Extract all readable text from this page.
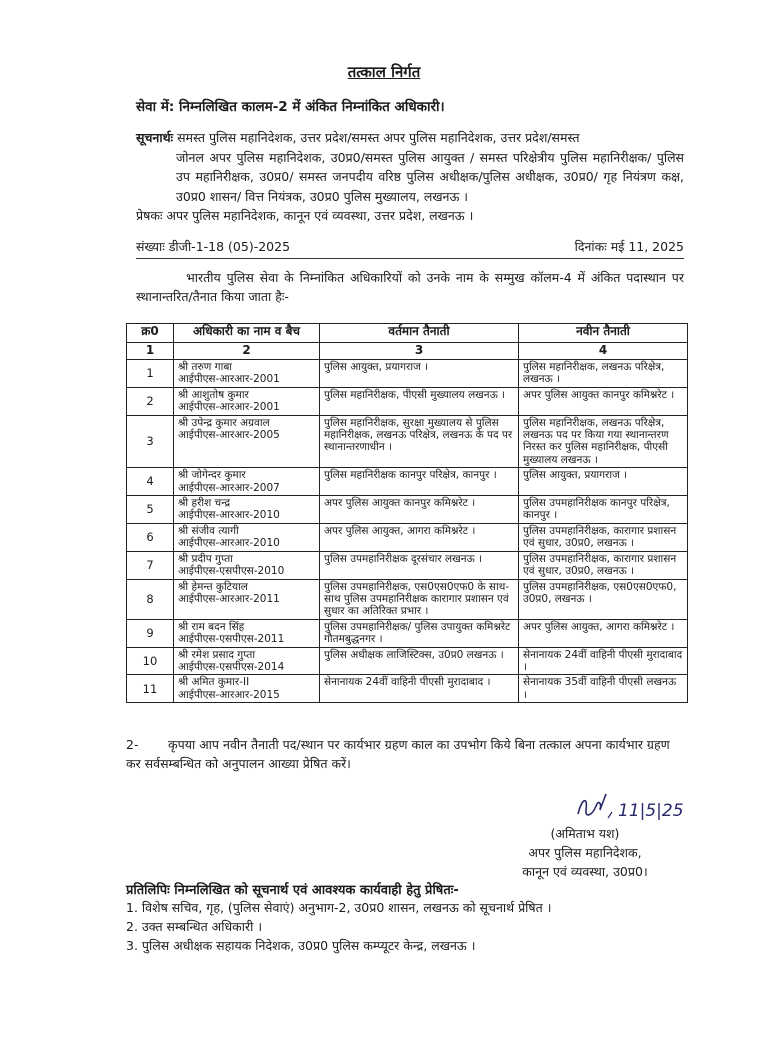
तत्काल निर्गत
सेवा में: निम्नलिखित कालम-2 में अंकित निम्नांकित अधिकारी।
सूचनार्थः समस्त पुलिस महानिदेशक, उत्तर प्रदेश/समस्त अपर पुलिस महानिदेशक, उत्तर प्रदेश/समस्त
जोनल अपर पुलिस महानिदेशक, उ0प्र0/समस्त पुलिस आयुक्त / समस्त परिक्षेत्रीय पुलिस महानिरीक्षक/ पुलिस उप महानिरीक्षक, उ0प्र0/ समस्त जनपदीय वरिष्ठ पुलिस अधीक्षक/पुलिस अधीक्षक, उ0प्र0/ गृह नियंत्रण कक्ष, उ0प्र0 शासन/ वित्त नियंत्रक, उ0प्र0 पुलिस मुख्यालय, लखनऊ ।
प्रेषकः अपर पुलिस महानिदेशक, कानून एवं व्यवस्था, उत्तर प्रदेश, लखनऊ ।
संख्याः डीजी-1-18 (05)-2025	दिनांकः मई 11, 2025
भारतीय पुलिस सेवा के निम्नांकित अधिकारियों को उनके नाम के सम्मुख कॉलम-4 में अंकित पदास्थान पर स्थानान्तरित/तैनात किया जाता हैः-
क्र0	अधिकारी का नाम व बैच	वर्तमान तैनाती	नवीन तैनाती
1	2	3	4
1	श्री तरुण गाबा
आईपीएस-आरआर-2001	पुलिस आयुक्त, प्रयागराज ।	पुलिस महानिरीक्षक, लखनऊ परिक्षेत्र, लखनऊ ।
2	श्री आशुतोष कुमार
आईपीएस-आरआर-2001	पुलिस महानिरीक्षक, पीएसी मुख्यालय लखनऊ ।	अपर पुलिस आयुक्त कानपुर कमिश्नरेट ।
3	श्री उपेन्द्र कुमार अग्रवाल
आईपीएस-आरआर-2005	पुलिस महानिरीक्षक, सुरक्षा मुख्यालय से पुलिस महानिरीक्षक, लखनऊ परिक्षेत्र, लखनऊ के पद पर स्थानान्तरणाधीन ।	पुलिस महानिरीक्षक, लखनऊ परिक्षेत्र, लखनऊ पद पर किया गया स्थानान्तरण निरस्त कर पुलिस महानिरीक्षक, पीएसी मुख्यालय लखनऊ ।
4	श्री जोगेन्दर कुमार
आईपीएस-आरआर-2007	पुलिस महानिरीक्षक कानपुर परिक्षेत्र, कानपुर ।	पुलिस आयुक्त, प्रयागराज ।
5	श्री हरीश चन्द्र
आईपीएस-आरआर-2010	अपर पुलिस आयुक्त कानपुर कमिश्नरेट ।	पुलिस उपमहानिरीक्षक कानपुर परिक्षेत्र, कानपुर ।
6	श्री संजीव त्यागी
आईपीएस-आरआर-2010	अपर पुलिस आयुक्त, आगरा कमिश्नरेट ।	पुलिस उपमहानिरीक्षक, कारागार प्रशासन एवं सुधार, उ0प्र0, लखनऊ ।
7	श्री प्रदीप गुप्ता
आईपीएस-एसपीएस-2010	पुलिस उपमहानिरीक्षक दूरसंचार लखनऊ ।	पुलिस उपमहानिरीक्षक, कारागार प्रशासन एवं सुधार, उ0प्र0, लखनऊ ।
8	श्री हेमन्त कुटियाल
आईपीएस-आरआर-2011	पुलिस उपमहानिरीक्षक, एस0एस0एफ0 के साथ-साथ पुलिस उपमहानिरीक्षक कारागार प्रशासन एवं सुधार का अतिरिक्त प्रभार ।	पुलिस उपमहानिरीक्षक, एस0एस0एफ0, उ0प्र0, लखनऊ ।
9	श्री राम बदन सिंह
आईपीएस-एसपीएस-2011	पुलिस उपमहानिरीक्षक/ पुलिस उपायुक्त कमिश्नरेट गौतमबुद्धनगर ।	अपर पुलिस आयुक्त, आगरा कमिश्नरेट ।
10	श्री रमेश प्रसाद गुप्ता
आईपीएस-एसपीएस-2014	पुलिस अधीक्षक लाजिस्टिक्स, उ0प्र0 लखनऊ ।	सेनानायक 24वीं वाहिनी पीएसी मुरादाबाद ।
11	श्री अमित कुमार-II
आईपीएस-आरआर-2015	सेनानायक 24वीं वाहिनी पीएसी मुरादाबाद ।	सेनानायक 35वीं वाहिनी पीएसी लखनऊ ।
2- कृपया आप नवीन तैनाती पद/स्थान पर कार्यभार ग्रहण काल का उपभोग किये बिना तत्काल अपना कार्यभार ग्रहण कर सर्वसम्बन्धित को अनुपालन आख्या प्रेषित करें।
11|5|25
(अमिताभ यश)
अपर पुलिस महानिदेशक,
कानून एवं व्यवस्था, उ0प्र0।
प्रतिलिपिः निम्नलिखित को सूचनार्थ एवं आवश्यक कार्यवाही हेतु प्रेषितः-
1. विशेष सचिव, गृह, (पुलिस सेवाएं) अनुभाग-2, उ0प्र0 शासन, लखनऊ को सूचनार्थ प्रेषित ।
2. उक्त सम्बन्धित अधिकारी ।
3. पुलिस अधीक्षक सहायक निदेशक, उ0प्र0 पुलिस कम्प्यूटर केन्द्र, लखनऊ ।
